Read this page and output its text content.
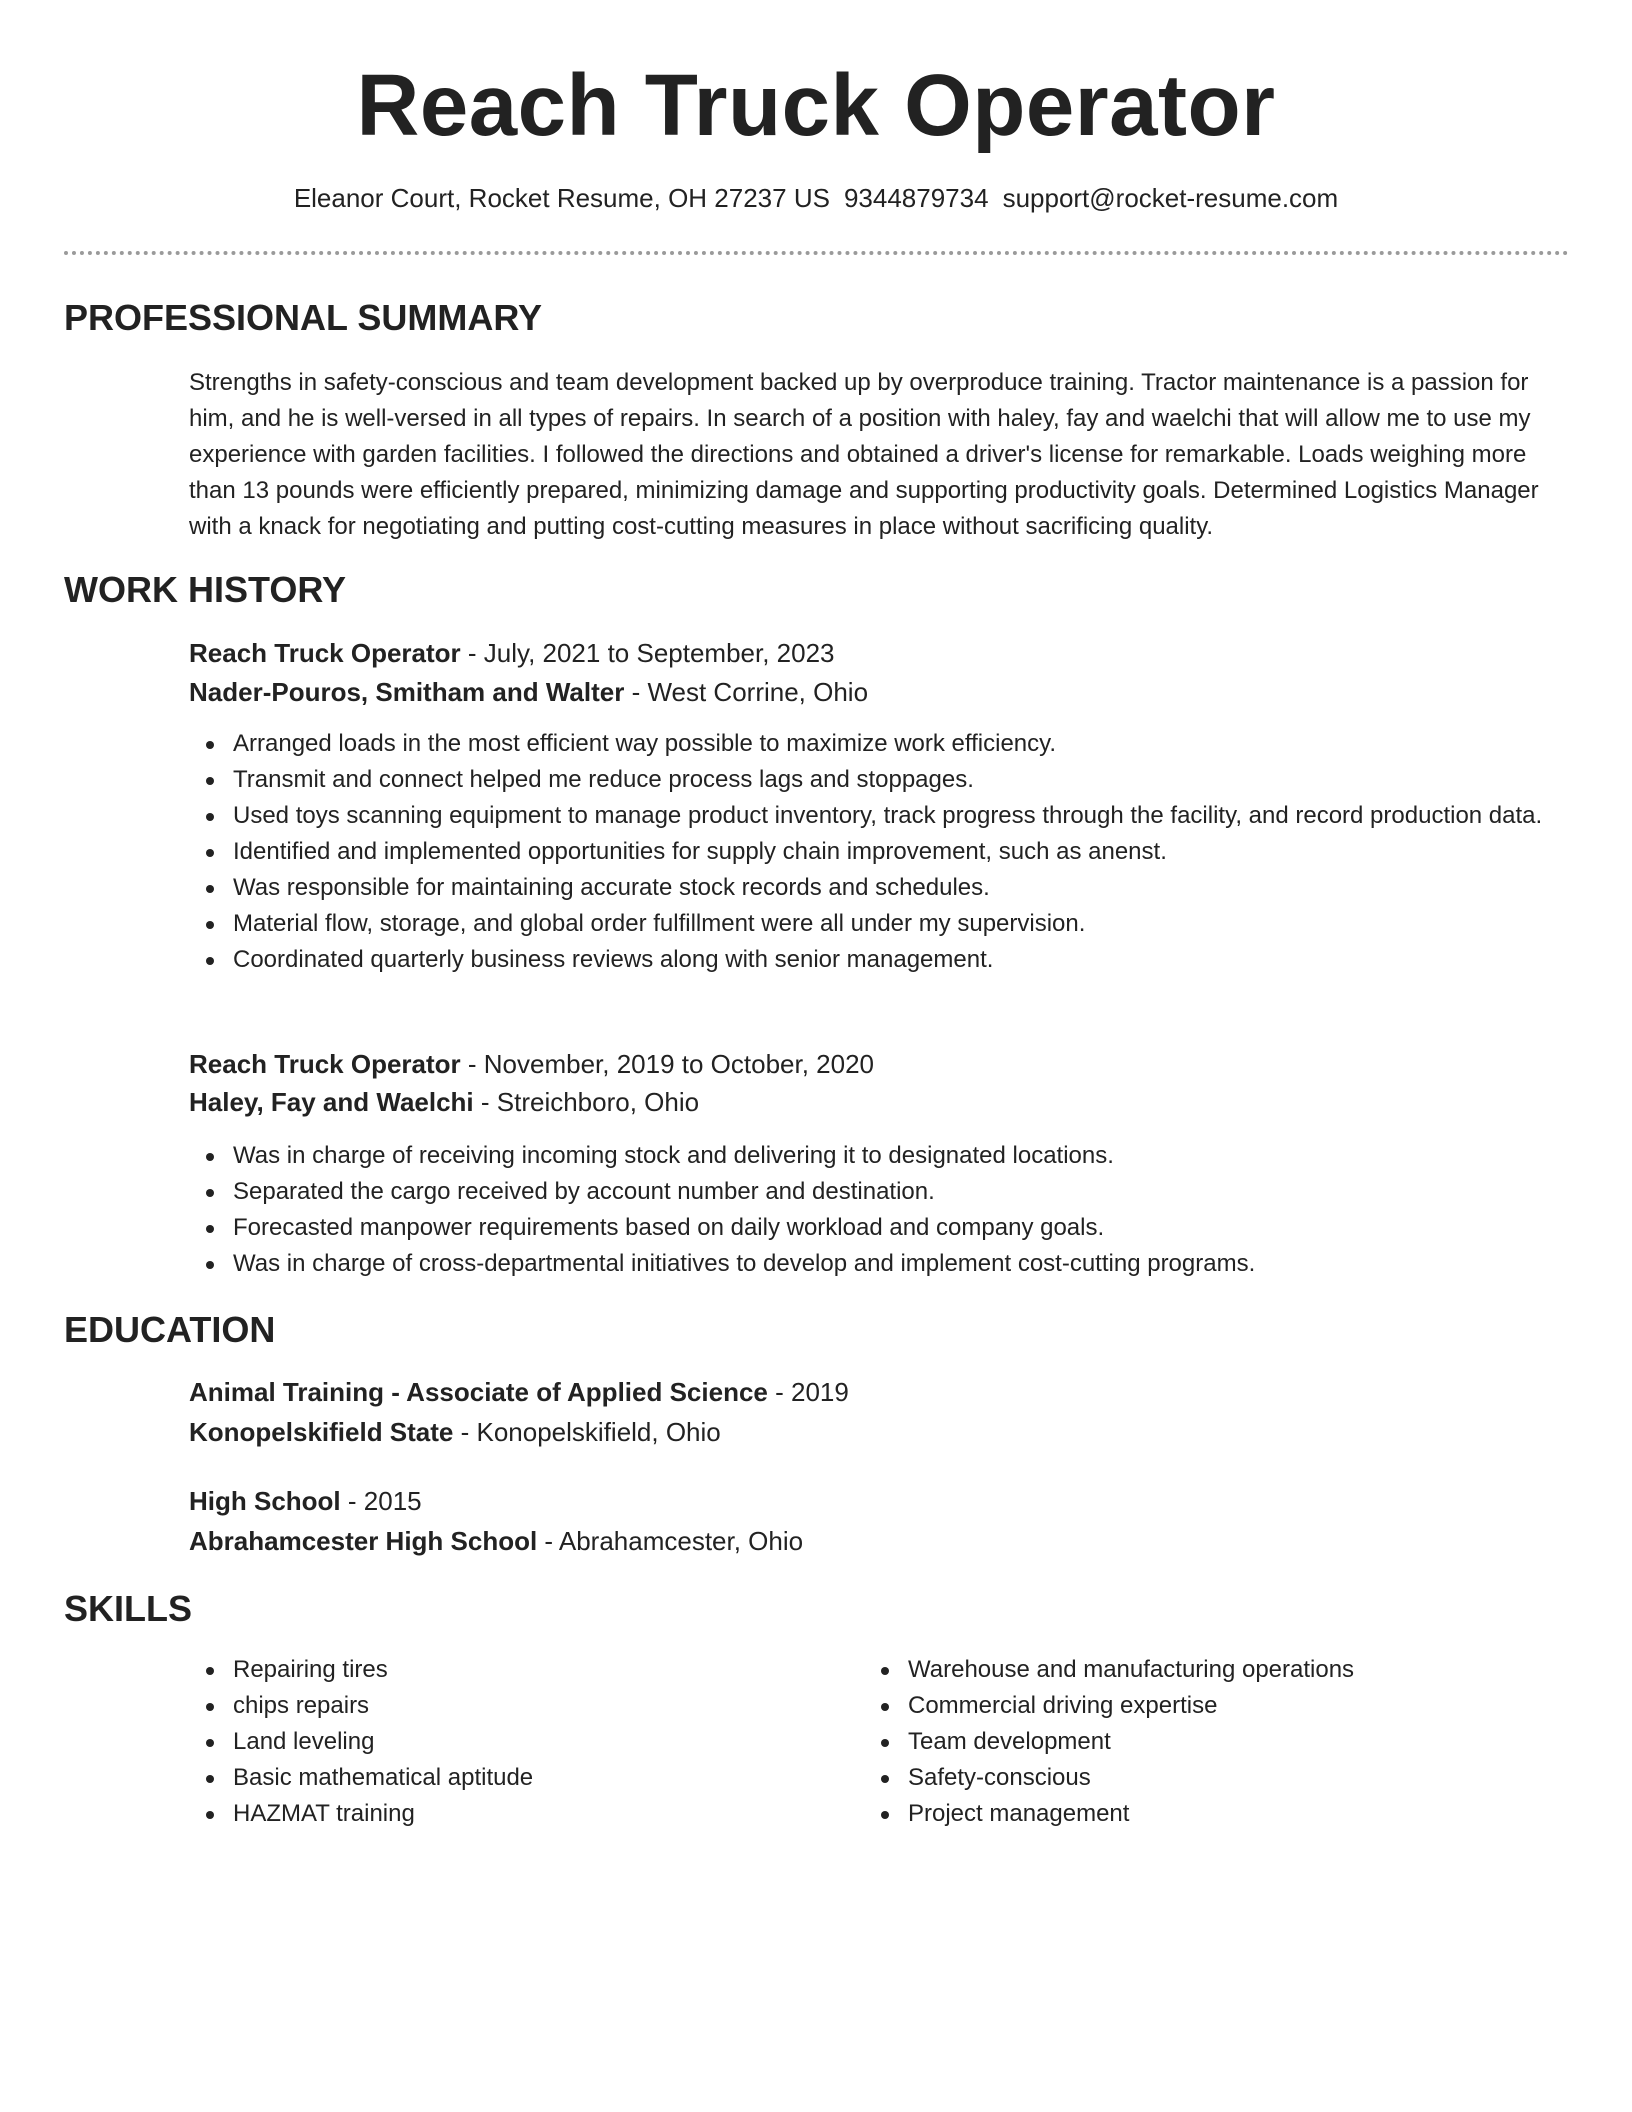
Reach Truck Operator
Eleanor Court, Rocket Resume, OH 27237 US 9344879734 support@rocket-resume.com
PROFESSIONAL SUMMARY

Strengths in safety-conscious and team development backed up by overproduce training. Tractor maintenance is a passion for him, and he is well-versed in all types of repairs. In search of a position with haley, fay and waelchi that will allow me to use my experience with garden facilities. I followed the directions and obtained a driver's license for remarkable. Loads weighing more than 13 pounds were efficiently prepared, minimizing damage and supporting productivity goals. Determined Logistics Manager with a knack for negotiating and putting cost-cutting measures in place without sacrificing quality.

WORK HISTORY
Reach Truck Operator - July, 2021 to September, 2023
Nader-Pouros, Smitham and Walter - West Corrine, Ohio
Arranged loads in the most efficient way possible to maximize work efficiency.
Transmit and connect helped me reduce process lags and stoppages.
Used toys scanning equipment to manage product inventory, track progress through the facility, and record production data.
Identified and implemented opportunities for supply chain improvement, such as anenst.
Was responsible for maintaining accurate stock records and schedules.
Material flow, storage, and global order fulfillment were all under my supervision.
Coordinated quarterly business reviews along with senior management.
Reach Truck Operator - November, 2019 to October, 2020
Haley, Fay and Waelchi - Streichboro, Ohio
Was in charge of receiving incoming stock and delivering it to designated locations.
Separated the cargo received by account number and destination.
Forecasted manpower requirements based on daily workload and company goals.
Was in charge of cross-departmental initiatives to develop and implement cost-cutting programs.
EDUCATION
Animal Training - Associate of Applied Science - 2019
Konopelskifield State - Konopelskifield, Ohio
High School - 2015
Abrahamcester High School - Abrahamcester, Ohio
SKILLS
Repairing tires
chips repairs
Land leveling
Basic mathematical aptitude
HAZMAT training
Warehouse and manufacturing operations
Commercial driving expertise
Team development
Safety-conscious
Project management
